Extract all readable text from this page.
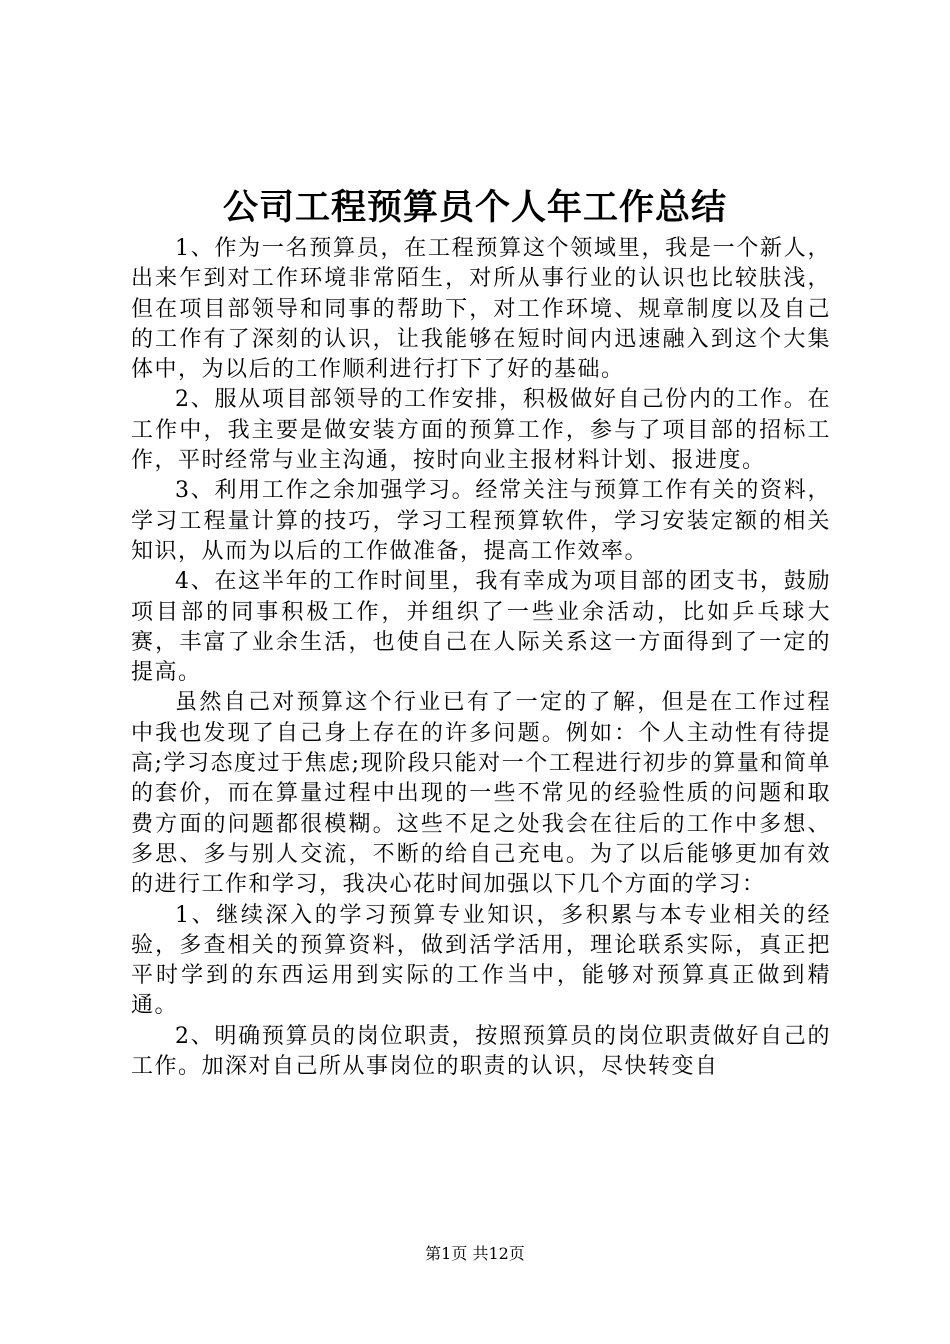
公司工程预算员个人年工作总结

1、作为一名预算员，在工程预算这个领域里，我是一个新人，出来乍到对工作环境非常陌生，对所从事行业的认识也比较肤浅，但在项目部领导和同事的帮助下，对工作环境、规章制度以及自己的工作有了深刻的认识，让我能够在短时间内迅速融入到这个大集体中，为以后的工作顺利进行打下了好的基础。

2、服从项目部领导的工作安排，积极做好自己份内的工作。在工作中，我主要是做安装方面的预算工作，参与了项目部的招标工作，平时经常与业主沟通，按时向业主报材料计划、报进度。

3、利用工作之余加强学习。经常关注与预算工作有关的资料，学习工程量计算的技巧，学习工程预算软件，学习安装定额的相关知识，从而为以后的工作做准备，提高工作效率。

4、在这半年的工作时间里，我有幸成为项目部的团支书，鼓励项目部的同事积极工作，并组织了一些业余活动，比如乒乓球大赛，丰富了业余生活，也使自己在人际关系这一方面得到了一定的提高。

虽然自己对预算这个行业已有了一定的了解，但是在工作过程中我也发现了自己身上存在的许多问题。例如：个人主动性有待提高;学习态度过于焦虑;现阶段只能对一个工程进行初步的算量和简单的套价，而在算量过程中出现的一些不常见的经验性质的问题和取费方面的问题都很模糊。这些不足之处我会在往后的工作中多想、多思、多与别人交流，不断的给自己充电。为了以后能够更加有效的进行工作和学习，我决心花时间加强以下几个方面的学习：

1、继续深入的学习预算专业知识，多积累与本专业相关的经验，多查相关的预算资料，做到活学活用，理论联系实际，真正把平时学到的东西运用到实际的工作当中，能够对预算真正做到精通。

2、明确预算员的岗位职责，按照预算员的岗位职责做好自己的工作。加深对自己所从事岗位的职责的认识，尽快转变自

第1页 共12页
